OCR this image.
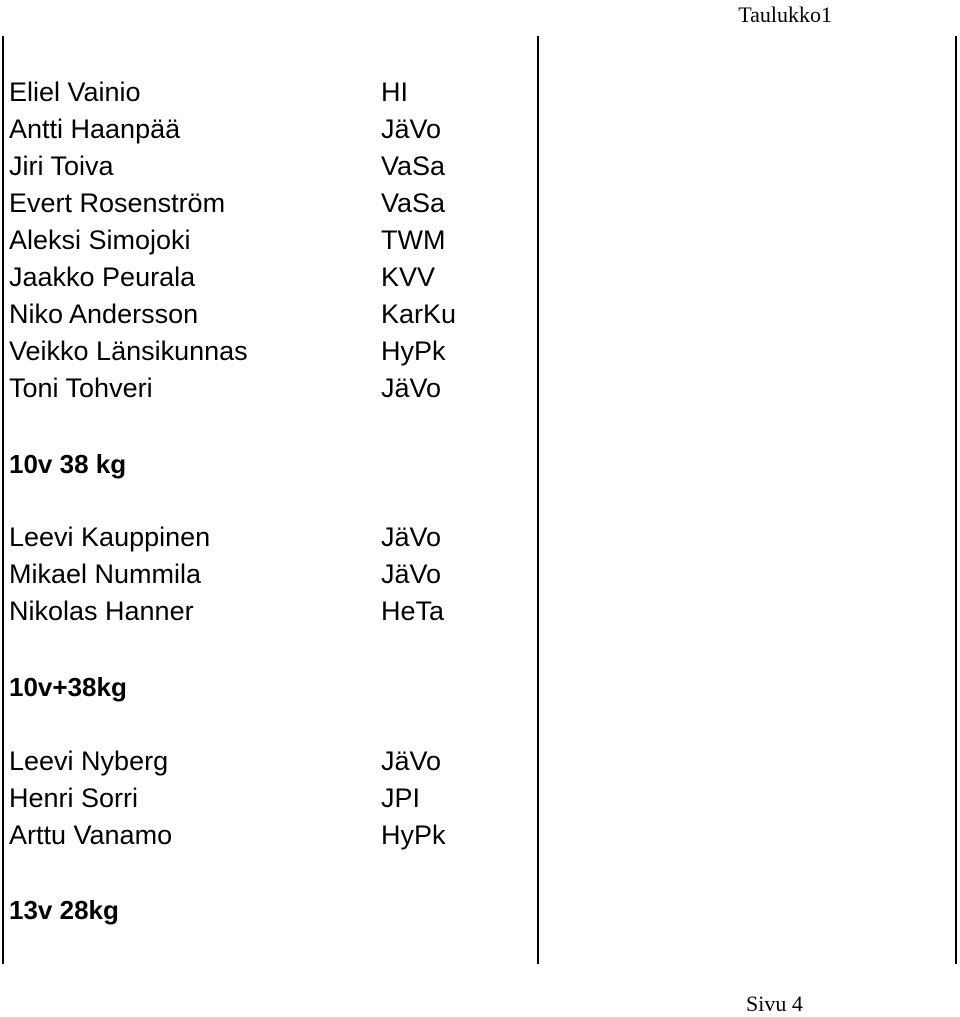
Taulukko1
Eliel Vainio	HI
Antti Haanpää	JäVo
Jiri Toiva	VaSa
Evert Rosenström	VaSa
Aleksi Simojoki	TWM
Jaakko Peurala	KVV
Niko Andersson	KarKu
Veikko Länsikunnas	HyPk
Toni Tohveri	JäVo
10v 38 kg
Leevi Kauppinen	JäVo
Mikael Nummila	JäVo
Nikolas Hanner	HeTa
10v+38kg
Leevi Nyberg	JäVo
Henri Sorri	JPI
Arttu Vanamo	HyPk
13v 28kg
Sivu 4
